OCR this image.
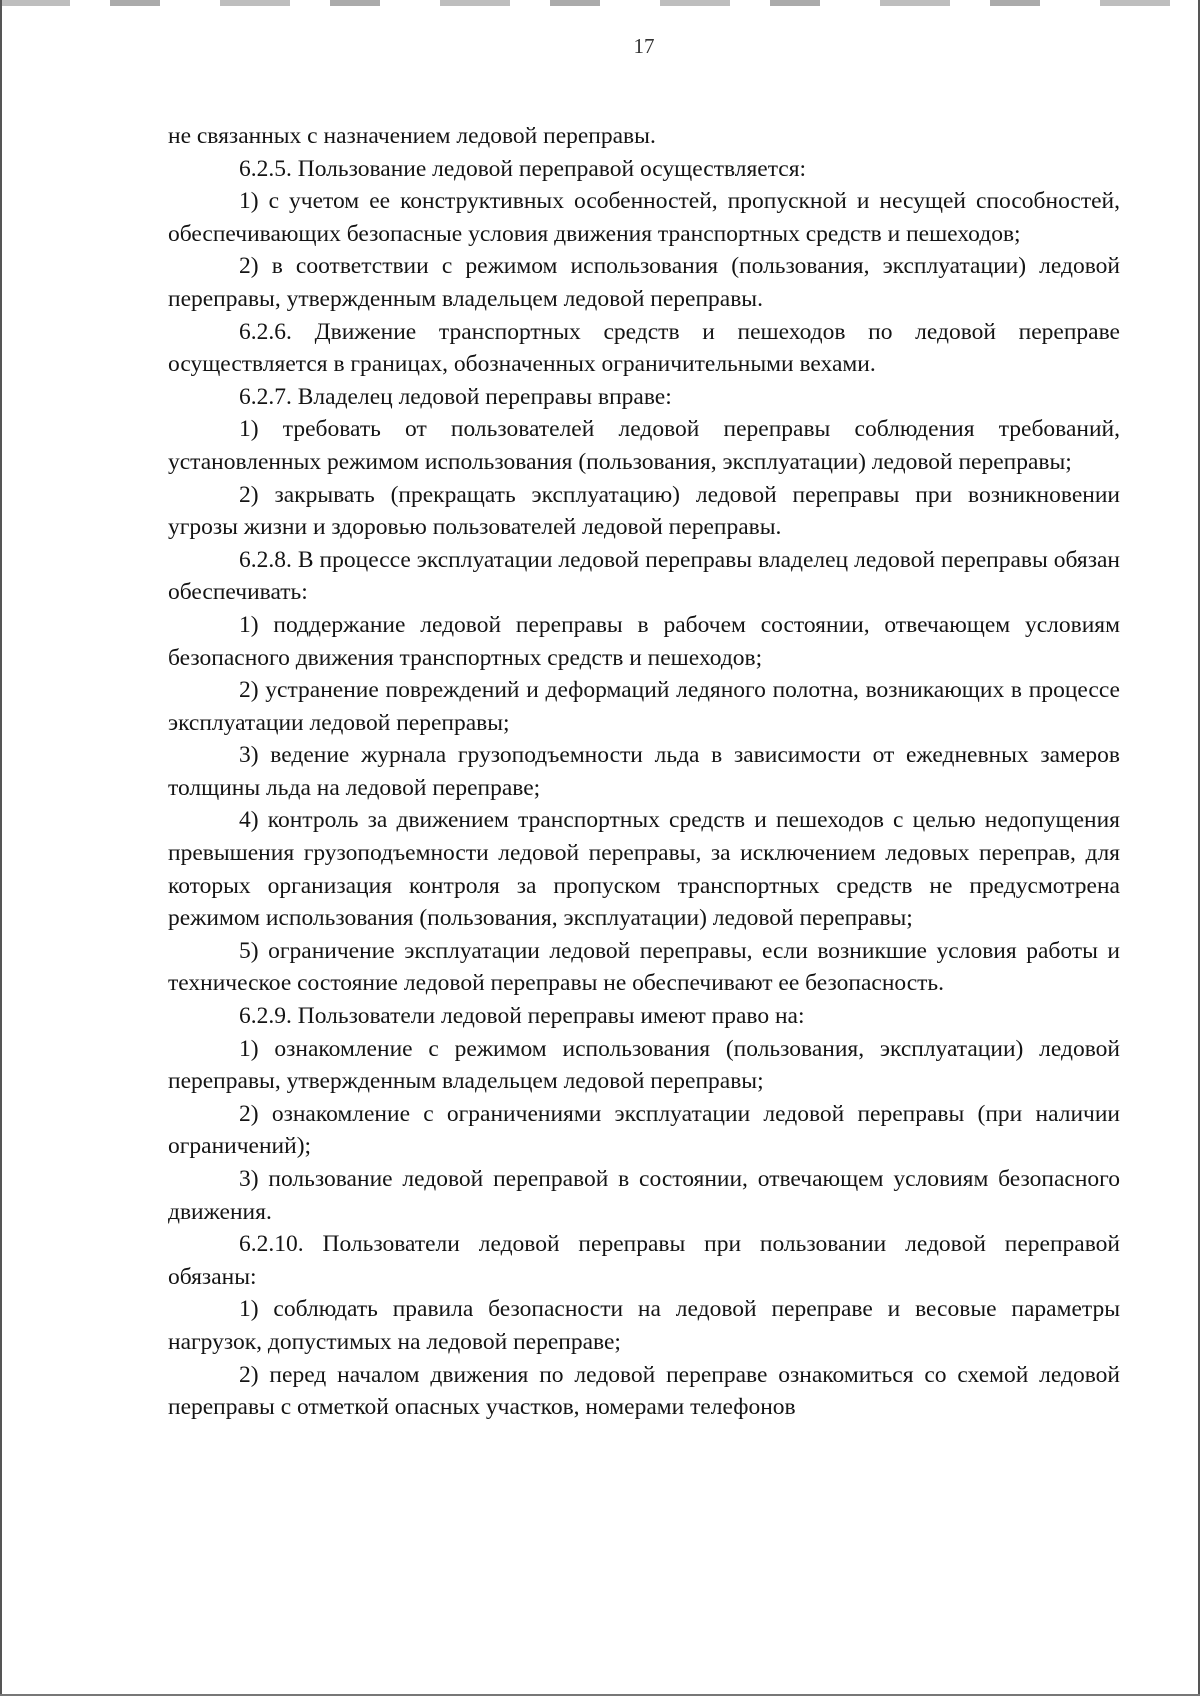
17

не связанных с назначением ледовой переправы.

6.2.5. Пользование ледовой переправой осуществляется:

1) с учетом ее конструктивных особенностей, пропускной и несущей способностей, обеспечивающих безопасные условия движения транспортных средств и пешеходов;

2) в соответствии с режимом использования (пользования, эксплуатации) ледовой переправы, утвержденным владельцем ледовой переправы.

6.2.6. Движение транспортных средств и пешеходов по ледовой переправе осуществляется в границах, обозначенных ограничительными вехами.

6.2.7. Владелец ледовой переправы вправе:

1) требовать от пользователей ледовой переправы соблюдения требований, установленных режимом использования (пользования, эксплуатации) ледовой переправы;

2) закрывать (прекращать эксплуатацию) ледовой переправы при возникновении угрозы жизни и здоровью пользователей ледовой переправы.

6.2.8. В процессе эксплуатации ледовой переправы владелец ледовой переправы обязан обеспечивать:

1) поддержание ледовой переправы в рабочем состоянии, отвечающем условиям безопасного движения транспортных средств и пешеходов;

2) устранение повреждений и деформаций ледяного полотна, возникающих в процессе эксплуатации ледовой переправы;

3) ведение журнала грузоподъемности льда в зависимости от ежедневных замеров толщины льда на ледовой переправе;

4) контроль за движением транспортных средств и пешеходов с целью недопущения превышения грузоподъемности ледовой переправы, за исключением ледовых переправ, для которых организация контроля за пропуском транспортных средств не предусмотрена режимом использования (пользования, эксплуатации) ледовой переправы;

5) ограничение эксплуатации ледовой переправы, если возникшие условия работы и техническое состояние ледовой переправы не обеспечивают ее безопасность.

6.2.9. Пользователи ледовой переправы имеют право на:

1) ознакомление с режимом использования (пользования, эксплуатации) ледовой переправы, утвержденным владельцем ледовой переправы;

2) ознакомление с ограничениями эксплуатации ледовой переправы (при наличии ограничений);

3) пользование ледовой переправой в состоянии, отвечающем условиям безопасного движения.

6.2.10. Пользователи ледовой переправы при пользовании ледовой переправой обязаны:

1) соблюдать правила безопасности на ледовой переправе и весовые параметры нагрузок, допустимых на ледовой переправе;

2) перед началом движения по ледовой переправе ознакомиться со схемой ледовой переправы с отметкой опасных участков, номерами телефонов
